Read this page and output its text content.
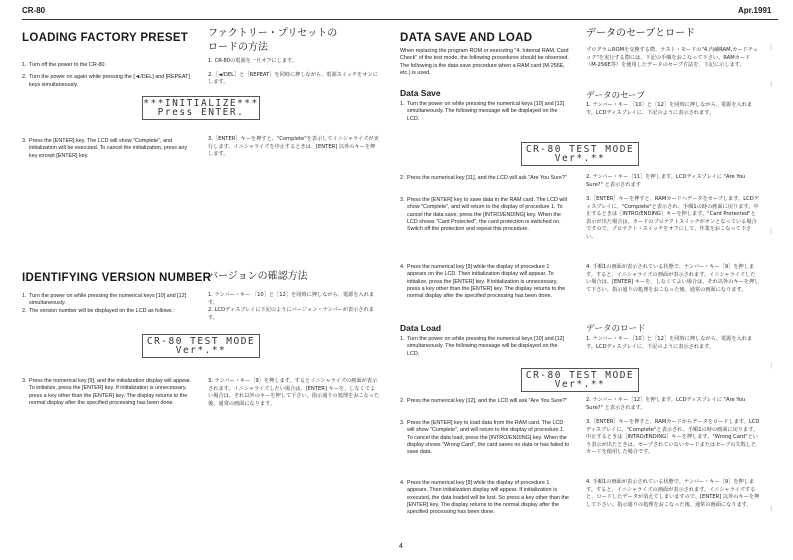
CR-80	Apr.1991
LOADING FACTORY PRESET ファクトリー・プリセットの
ロードの方法
1. Turn off the power to the CR-80.
2. Turn the power on again while pressing the [◄/DEL] and [REPEAT] keys simultaneously.

1. CR-80の電源を一旦オフにします。

2.［◄/DEL］と［REPEAT］を同時に押しながら、電源スイッチをオンにします。

***INITIALIZE***
Press ENTER.
3. Press the [ENTER] key. The LCD will show "Complete", and initialization will be executed. To cancel the initialization, press any key except [ENTER] key.

3.［ENTER］キーを押すと、"Complete"を表示してイニシャライズが実行します。イニシャライズを中止するときは、[ENTER] 以外のキーを押します。

IDENTIFYING VERSION NUMBER
バージョンの確認方法
1. Turn the power on while pressing the numerical keys [10] and [12] simultaneously.
2. The version number will be displayed on the LCD as follows :

1. ナンバー・キー ［10］と［12］を同時に押しながら、電源を入れます。

2. LCDディスプレイに下記のようにバージョン・ナンバーが表示されます。

CR-80 TEST MODE
Ver*.**
3. Press the numerical key [9], and the initialization display will appear. To initialize, press the [ENTER] key. If initialization is unnecessary, press a key other than the [ENTER] key. The display returns to the normal display after the specified processing has been done.

3. ナンバー・キー［9］を押します。するとイニシャライズの画面が表示されます。イニシャライズしたい場合は、[ENTER] キーを、しなくてよい場合は、それ以外のキーを押して下さい。指示通りの処理をおこなった後、通常の画面になります。

DATA SAVE AND LOAD	データのセーブとロード
When replacing the program ROM or executing "4. Internal RAM, Card Check" of the test mode, the following procedures should be observed. The following is the data save procedure when a RAM card (M-256E, etc.) is used.
プログラムROMを交換する際、テスト・モードの"4.内蔵RAM,カードチェック"を実行する際には、下記の手順をおこなって下さい。RAMカード（M-256E等）を使用したデータのセーブ方法を、下記に示します。
Data Save	データのセーブ
1. Turn the power on while pressing the numerical keys [10] and [12] simultaneously. The following message will be displayed on the LCD.
1. ナンバー・キー ［10］と［12］を同時に押しながら、電源を入れます。LCDディスプレイに、下記のように表示されます。
CR-80 TEST MODE
Ver*.**
2. Press the numerical key [11], and the LCD will ask "Are You Sure?"	2. ナンバー・キー［11］を押します。LCDディスプレイに "Are You Sure?" と表示されます
3. Press the [ENTER] key to save data in the RAM card. The LCD will show "Complete", and will return to the display of procedure 1. To cancel the data save, press the [INTRO/ENDING] key. When the LCD shows "Card Protected", the card protection is switched on. Switch off the protection and repeat this procedure.
3.［ENTER］キーを押すと、RAMカードへデータをセーブします。LCDディスプレイに、"Complete"と表示され、手順1の時の画面に戻ります。中止するときは［INTRO/ENDING］キーを押します。"Card Protected"と表示が出た場合は、カードのプロテクトスイッチがオンとなっている場合ですので、プロテクト・スイッチをオフにして、作業をおこなって下さい。
4. Press the numerical key [9] while the display of procedure 1 appears on the LCD. Then initialization display will appear. To initialize, press the [ENTER] key. If initialization is unnecessary, press a key other than the [ENTER] key. The display returns to the normal display after the specified processing has been done.
4. 手順1の画面が表示されている状態で、ナンバー・キー［9］を押します。すると、イニシャライズの画面が表示されます。イニシャライズしたい場合は、[ENTER] キーを、しなくてよい場合は、それ以外のキーを押して下さい。指示通りの処理をおこなった後、通常の画面になります。
Data Load	データのロード
1. Turn the power on while pressing the numerical keys [10] and [12] simultaneously. The following message will be displayed on the LCD.
1. ナンバー・キー ［10］と［12］を同時に押しながら、電源を入れます。LCDディスプレイに、下記のように表示されます。
CR-80 TEST MODE
Ver*.**
2. Press the numerical key [12], and the LCD will ask "Are You Sure?"	2. ナンバー・キー［12］を押します。LCDディスプレイに "Are You Sure?" と表示されます。
3. Press the [ENTER] key to load data from the RAM card. The LCD will show "Complete", and will return to the display of procedure 1. To cancel the data load, press the [INTRO/ENDING] key. When the display shows "Wrong Card", the card saves no data or has failed to save data.
3.［ENTER］キーを押すと、RAMカードからデータをロードします。LCDディスプレイに、"Complete"と表示され、手順1の時の画面に戻ります。中止するときは［INTRO/ENDING］キーを押します。"Wrong Card"という表示が出たときは、セーブされていないカードまたはセーブの失敗したカードを使用した場合です。
4. Press the numerical key [9] while the display of procedure 1 appears. Then initialization display will appear. If initialization is executed, the data loaded will be lost. So press a key other than the [ENTER] key. The display returns to the normal display after the specified processing has been done.
4. 手順1の画面が表示されている状態で、ナンバー・キー［9］を押します。すると、イニシャライズの画面が表示されます。イニシャライズすると、ロードしたデータが消えてしまいますので、[ENTER] 以外のキーを押して下さい。指示通りの処理をおこなった後、通常の画面になります。
4
(
(
(
(
(
